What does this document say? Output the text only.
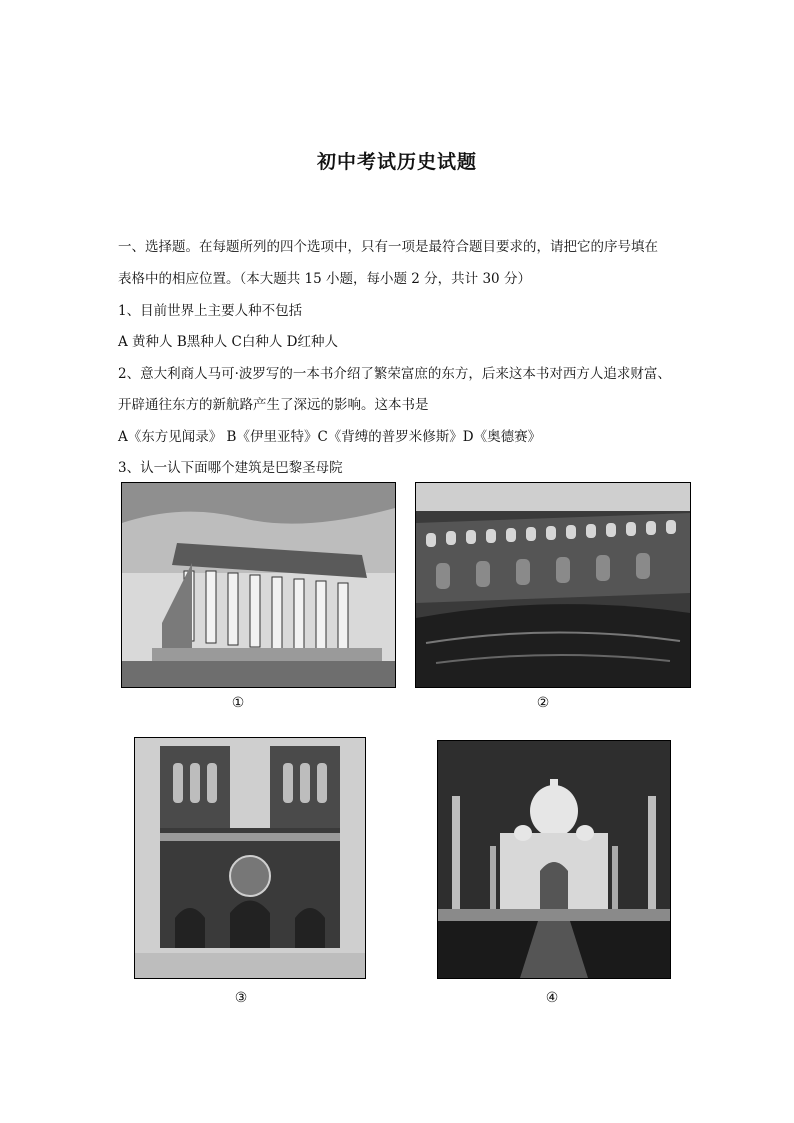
初中考试历史试题
一、选择题。在每题所列的四个选项中，只有一项是最符合题目要求的，请把它的序号填在
表格中的相应位置。（本大题共 15 小题，每小题 2 分，共计 30 分）
1、目前世界上主要人种不包括
A 黄种人 B黑种人 C白种人 D红种人
2、意大利商人马可·波罗写的一本书介绍了繁荣富庶的东方，后来这本书对西方人追求财富、
开辟通往东方的新航路产生了深远的影响。这本书是
A《东方见闻录》 B《伊里亚特》C《背缚的普罗米修斯》D《奥德赛》
3、认一认下面哪个建筑是巴黎圣母院
①	②
③	④
